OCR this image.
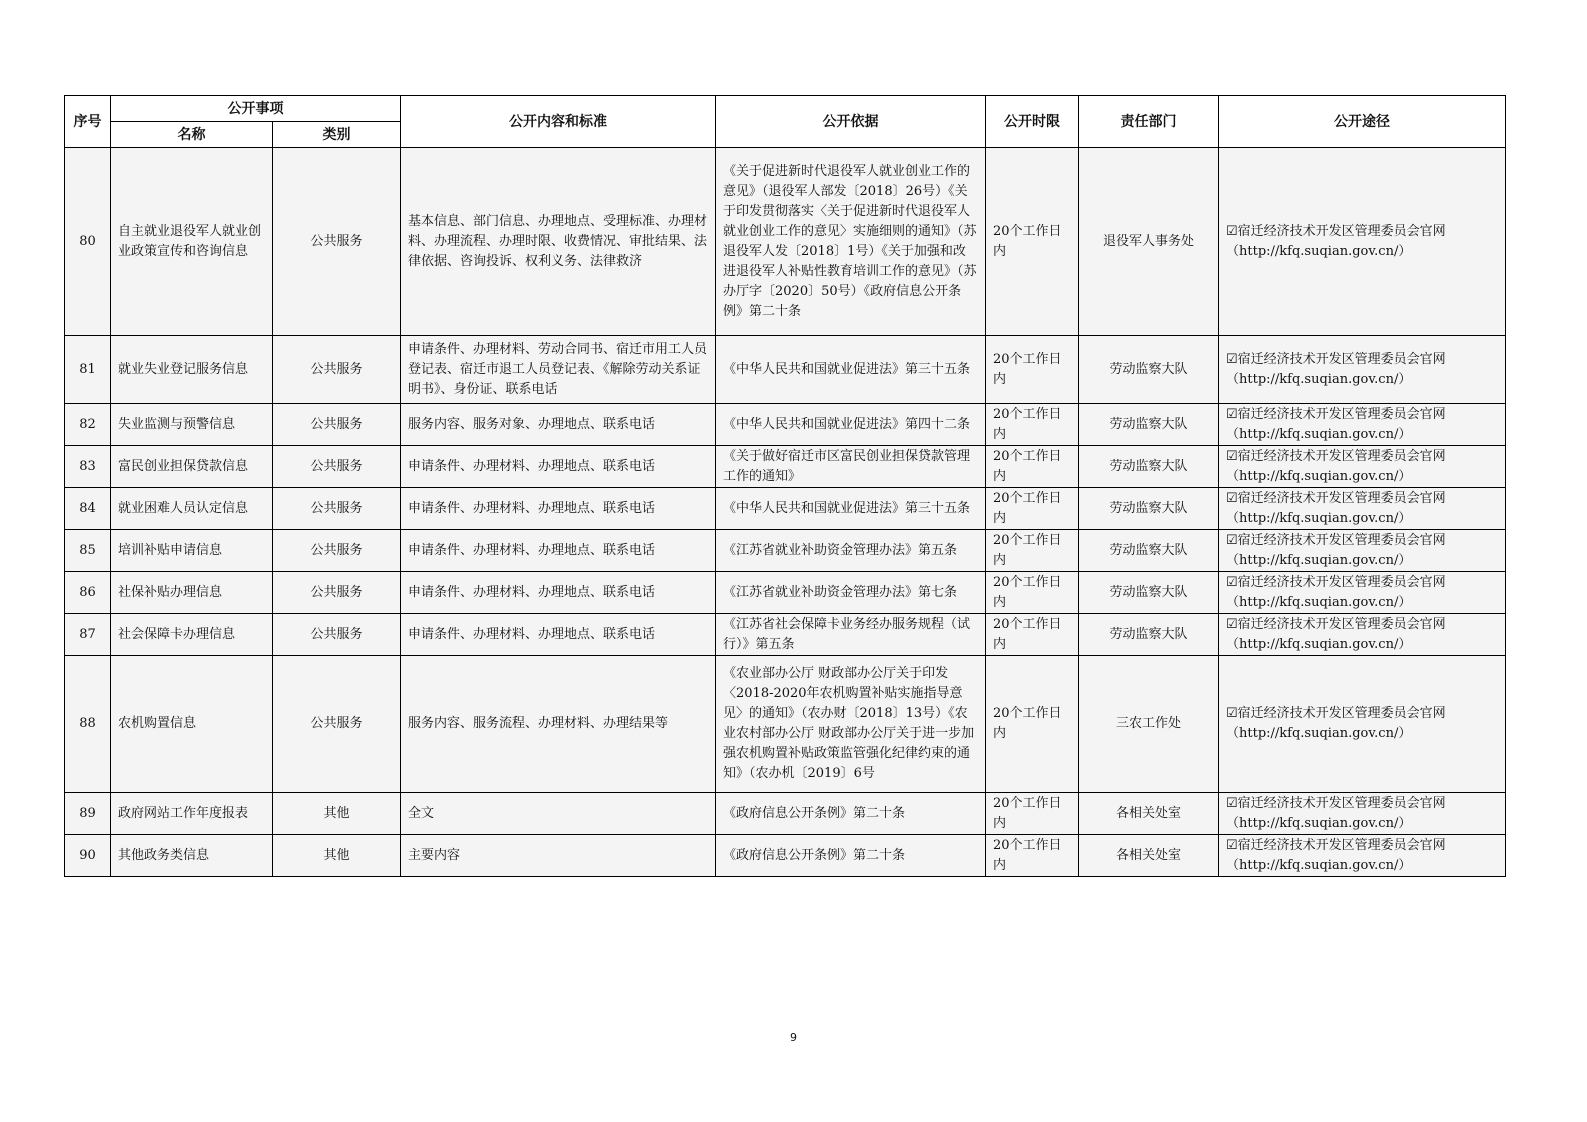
序号	公开事项		公开内容和标准	公开依据	公开时限	责任部门	公开途径
	名称	类别					
80	自主就业退役军人就业创业政策宣传和咨询信息	公共服务	基本信息、部门信息、办理地点、受理标准、办理材料、办理流程、办理时限、收费情况、审批结果、法律依据、咨询投诉、权利义务、法律救济	《关于促进新时代退役军人就业创业工作的意见》（退役军人部发〔2018〕26号）《关于印发贯彻落实〈关于促进新时代退役军人就业创业工作的意见〉实施细则的通知》（苏退役军人发〔2018〕1号）《关于加强和改进退役军人补贴性教育培训工作的意见》（苏办厅字〔2020〕50号）《政府信息公开条例》第二十条	20个工作日内	退役军人事务处	☑宿迁经济技术开发区管理委员会官网
（http://kfq.suqian.gov.cn/）

81	就业失业登记服务信息	公共服务	申请条件、办理材料、劳动合同书、宿迁市用工人员登记表、宿迁市退工人员登记表、《解除劳动关系证明书》、身份证、联系电话	《中华人民共和国就业促进法》第三十五条	20个工作日内	劳动监察大队	☑宿迁经济技术开发区管理委员会官网
（http://kfq.suqian.gov.cn/）

82	失业监测与预警信息	公共服务	服务内容、服务对象、办理地点、联系电话	《中华人民共和国就业促进法》第四十二条	20个工作日内	劳动监察大队	☑宿迁经济技术开发区管理委员会官网
（http://kfq.suqian.gov.cn/）

83	富民创业担保贷款信息	公共服务	申请条件、办理材料、办理地点、联系电话	《关于做好宿迁市区富民创业担保贷款管理工作的通知》	20个工作日内	劳动监察大队	☑宿迁经济技术开发区管理委员会官网
（http://kfq.suqian.gov.cn/）

84	就业困难人员认定信息	公共服务	申请条件、办理材料、办理地点、联系电话	《中华人民共和国就业促进法》第三十五条	20个工作日内	劳动监察大队	☑宿迁经济技术开发区管理委员会官网
（http://kfq.suqian.gov.cn/）

85	培训补贴申请信息	公共服务	申请条件、办理材料、办理地点、联系电话	《江苏省就业补助资金管理办法》第五条	20个工作日内	劳动监察大队	☑宿迁经济技术开发区管理委员会官网
（http://kfq.suqian.gov.cn/）

86	社保补贴办理信息	公共服务	申请条件、办理材料、办理地点、联系电话	《江苏省就业补助资金管理办法》第七条	20个工作日内	劳动监察大队	☑宿迁经济技术开发区管理委员会官网
（http://kfq.suqian.gov.cn/）

87	社会保障卡办理信息	公共服务	申请条件、办理材料、办理地点、联系电话	《江苏省社会保障卡业务经办服务规程（试行）》第五条	20个工作日内	劳动监察大队	☑宿迁经济技术开发区管理委员会官网
（http://kfq.suqian.gov.cn/）

88	农机购置信息	公共服务	服务内容、服务流程、办理材料、办理结果等	《农业部办公厅 财政部办公厅关于印发〈2018-2020年农机购置补贴实施指导意见〉的通知》（农办财〔2018〕13号）《农业农村部办公厅 财政部办公厅关于进一步加强农机购置补贴政策监管强化纪律约束的通知》（农办机〔2019〕6号	20个工作日内	三农工作处	☑宿迁经济技术开发区管理委员会官网
（http://kfq.suqian.gov.cn/）

89	政府网站工作年度报表	其他	全文	《政府信息公开条例》第二十条	20个工作日内	各相关处室	☑宿迁经济技术开发区管理委员会官网
（http://kfq.suqian.gov.cn/）

90	其他政务类信息	其他	主要内容	《政府信息公开条例》第二十条	20个工作日内	各相关处室	☑宿迁经济技术开发区管理委员会官网
（http://kfq.suqian.gov.cn/）
9
